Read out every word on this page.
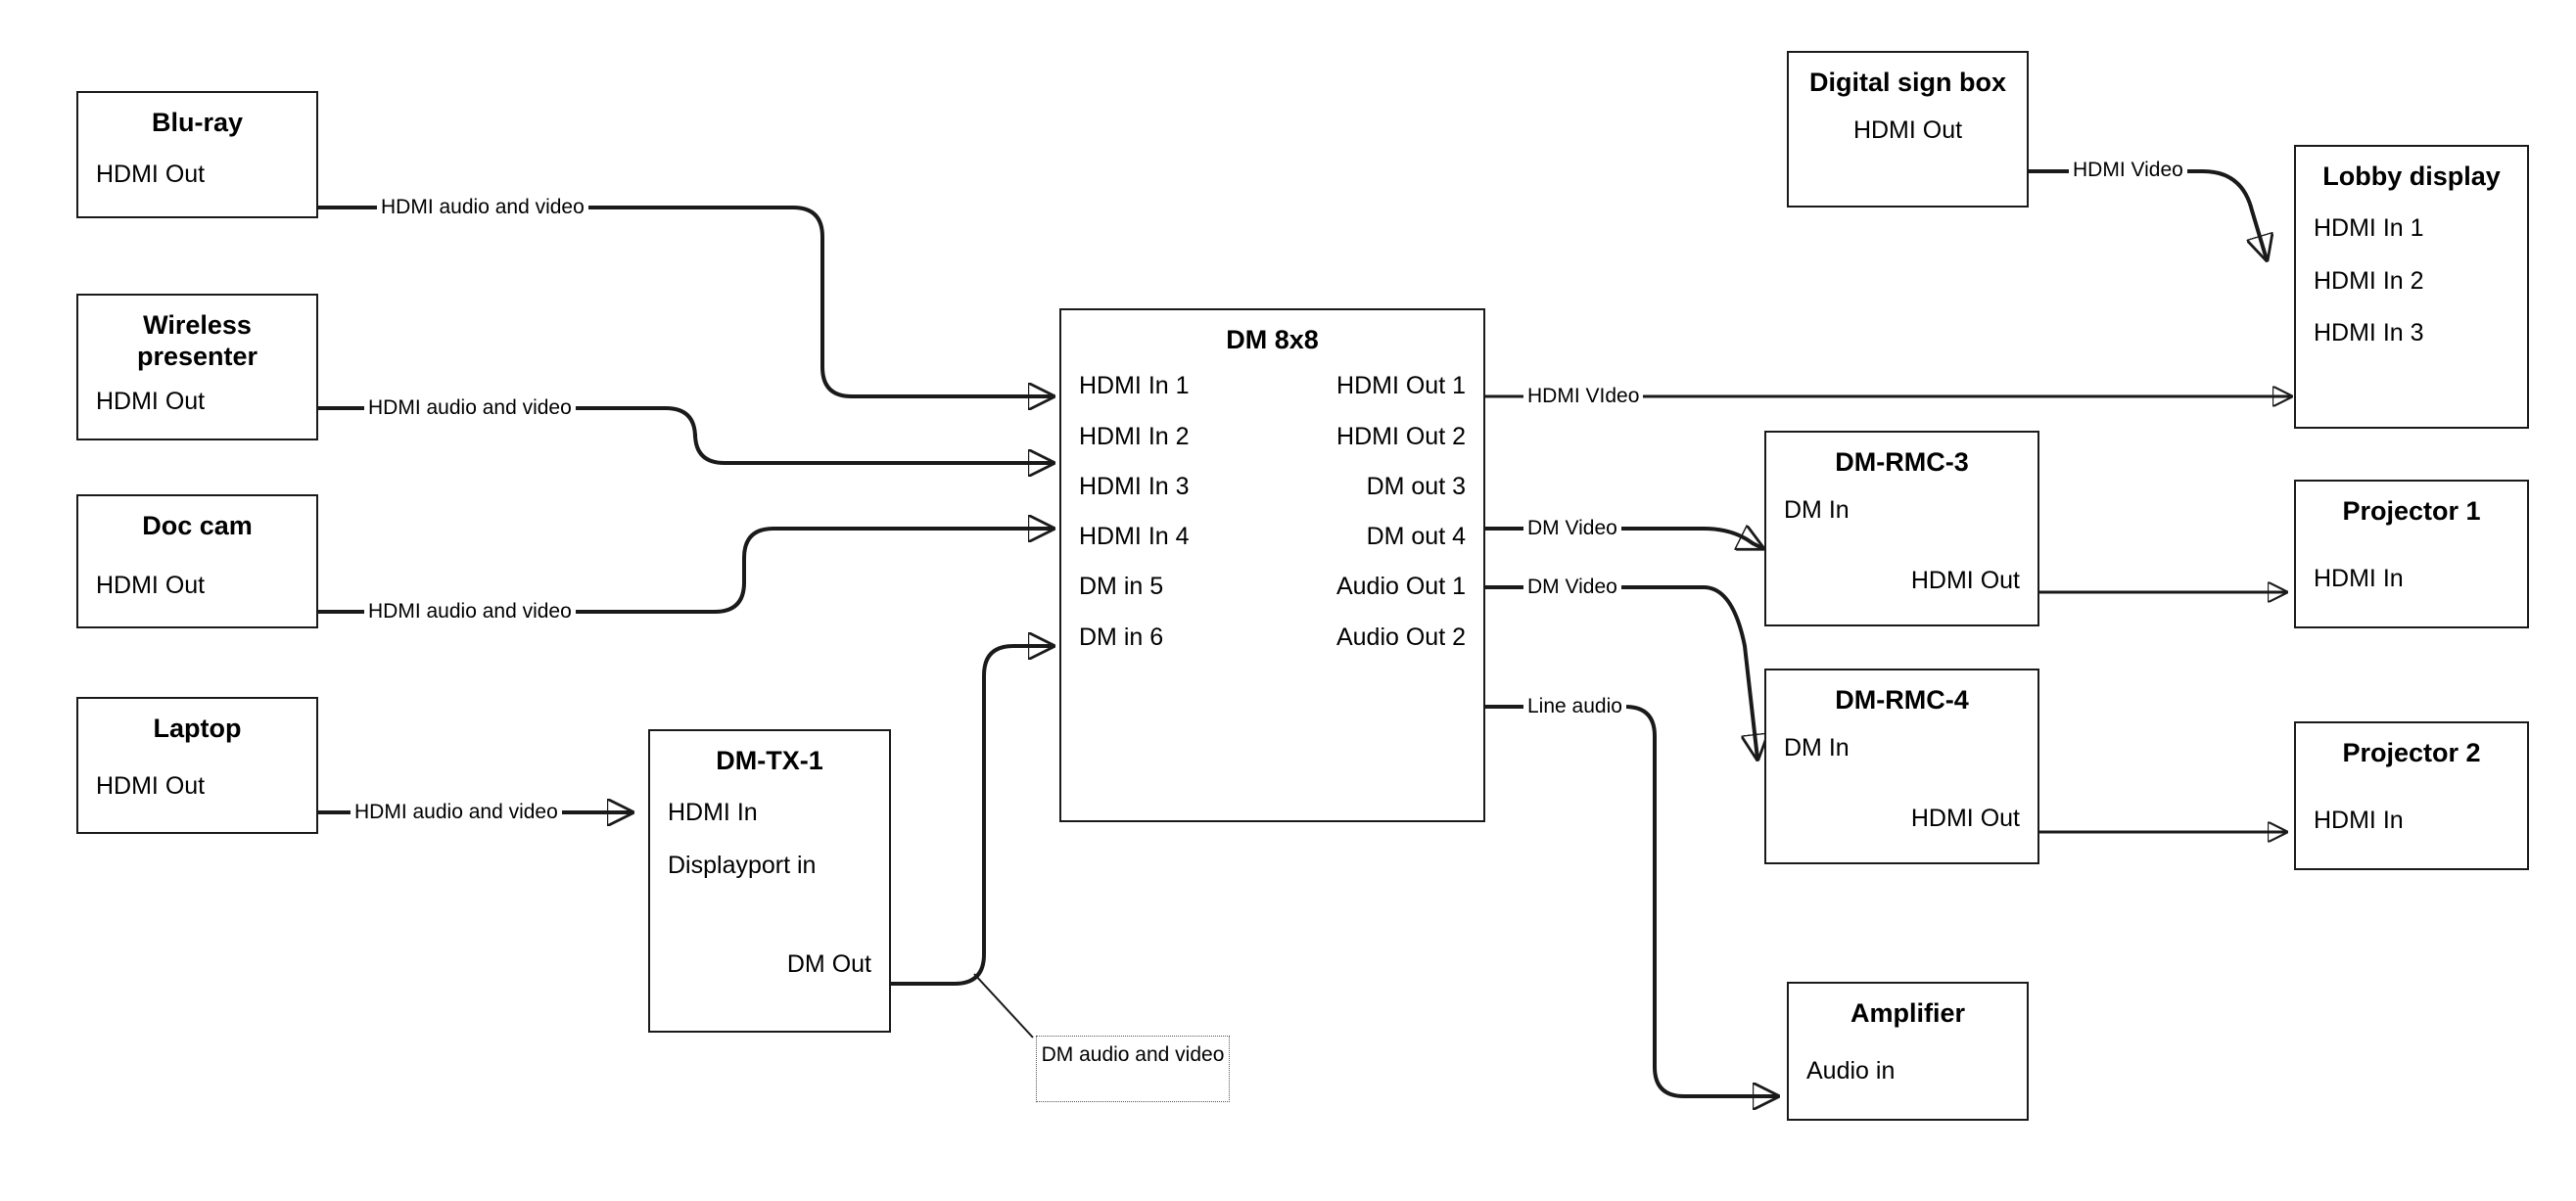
Blu-ray
HDMI Out
Wireless presenter
HDMI Out
Doc cam
HDMI Out
Laptop
HDMI Out
DM-TX-1
HDMI In
Displayport in
DM Out
DM 8x8
HDMI In 1
HDMI In 2
HDMI In 3
HDMI In 4
DM in 5
DM in 6
HDMI Out 1
HDMI Out 2
DM out 3
DM out 4
Audio Out 1
Audio Out 2
Digital sign box
HDMI Out
Lobby display
HDMI In 1
HDMI In 2
HDMI In 3
DM-RMC-3
DM In
HDMI Out
DM-RMC-4
DM In
HDMI Out
Projector 1
HDMI In
Projector 2
HDMI In
Amplifier
Audio in
HDMI audio and video
HDMI audio and video
HDMI audio and video
HDMI audio and video
HDMI VIdeo
DM Video
DM Video
Line audio
HDMI Video
DM audio and video
